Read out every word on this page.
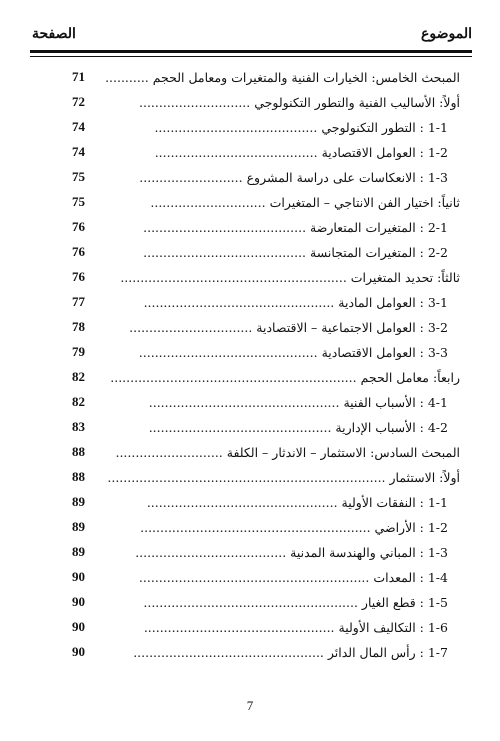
الصفحة	الموضوع
71	المبحث الخامس: الخيارات الفنية والمتغيرات ومعامل الحجم ...........
72	أولاً: الأساليب الفنية والتطور التكنولوجي ............................
74	1-1 : التطور التكنولوجي .........................................
74	1-2 : العوامل الاقتصادية .........................................
75	1-3 : الانعكاسات على دراسة المشروع ..........................
75	ثانياً: اختيار الفن الانتاجي – المتغيرات .............................
76	2-1 : المتغيرات المتعارضة .........................................
76	2-2 : المتغيرات المتجانسة .........................................
76	ثالثاً: تحديد المتغيرات .........................................................
77	3-1 : العوامل المادية ................................................
78	3-2 : العوامل الاجتماعية – الاقتصادية ...............................
79	3-3 : العوامل الاقتصادية .............................................
82	رابعاً: معامل الحجم ..............................................................
82	4-1 : الأسباب الفنية ................................................
83	4-2 : الأسباب الإدارية ..............................................
88	المبحث السادس: الاستثمار – الاندثار – الكلفة ...........................
88	أولاً: الاستثمار ......................................................................
89	1-1 : النفقات الأولية ................................................
89	1-2 : الأراضي ..........................................................
89	1-3 : المباني والهندسة المدنية ......................................
90	1-4 : المعدات ..........................................................
90	1-5 : قطع الغيار ......................................................
90	1-6 : التكاليف الأولية ................................................
90	1-7 : رأس المال الدائر ................................................
7
